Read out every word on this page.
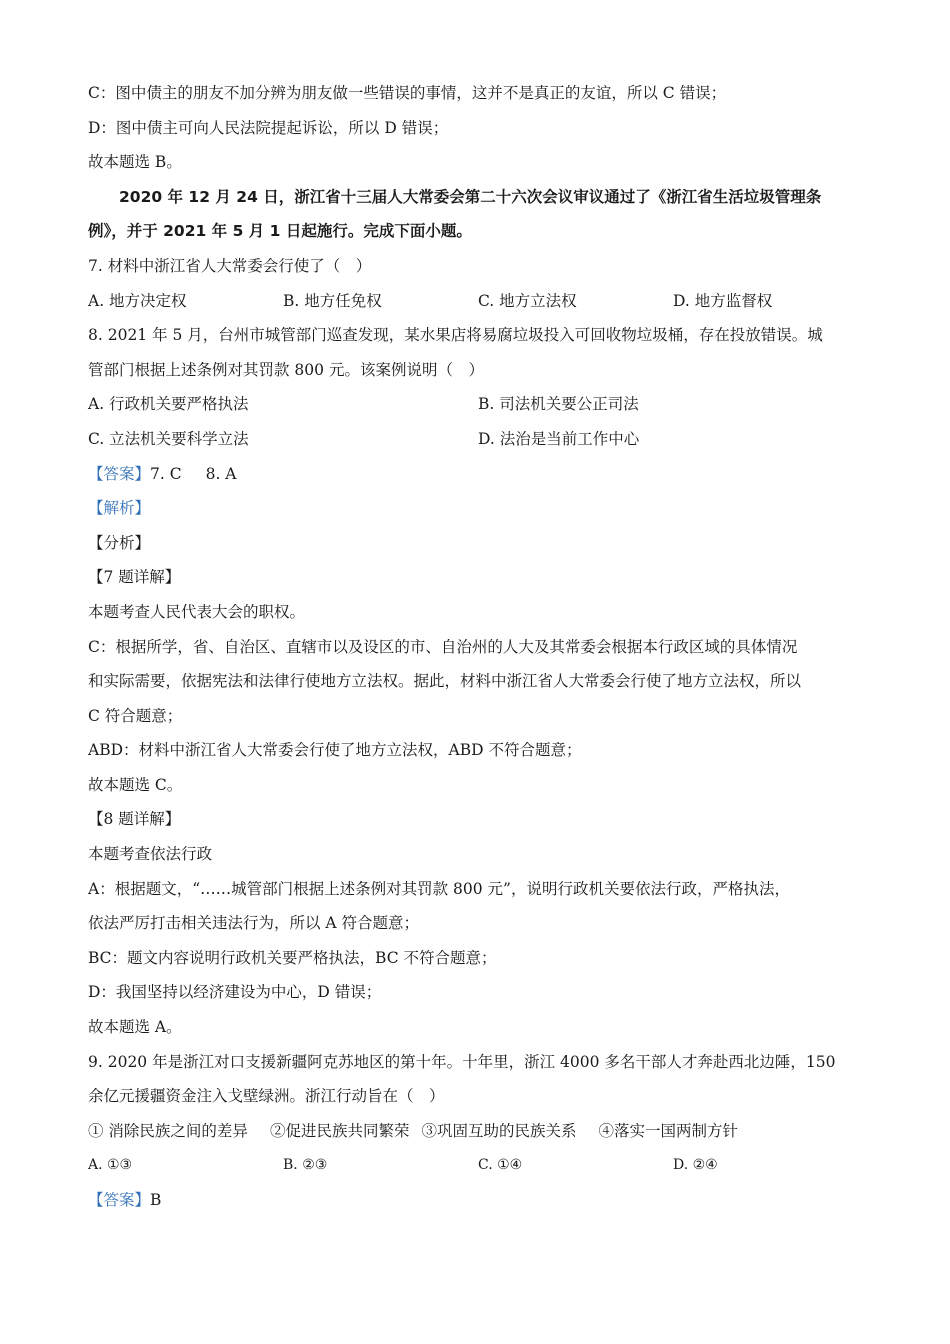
C：图中债主的朋友不加分辨为朋友做一些错误的事情，这并不是真正的友谊，所以 C 错误；
D：图中债主可向人民法院提起诉讼，所以 D 错误；
故本题选 B。
2020 年 12 月 24 日，浙江省十三届人大常委会第二十六次会议审议通过了《浙江省生活垃圾管理条
例》，并于 2021 年 5 月 1 日起施行。完成下面小题。
7. 材料中浙江省人大常委会行使了（　）
A. 地方决定权	B. 地方任免权	C. 地方立法权	D. 地方监督权
8. 2021 年 5 月，台州市城管部门巡查发现，某水果店将易腐垃圾投入可回收物垃圾桶，存在投放错误。城
管部门根据上述条例对其罚款 800 元。该案例说明（　）
A. 行政机关要严格执法	B. 司法机关要公正司法
C. 立法机关要科学立法	D. 法治是当前工作中心
【答案】7. C 8. A
【解析】
【分析】
【7 题详解】
本题考查人民代表大会的职权。
C：根据所学，省、自治区、直辖市以及设区的市、自治州的人大及其常委会根据本行政区域的具体情况
和实际需要，依据宪法和法律行使地方立法权。据此，材料中浙江省人大常委会行使了地方立法权，所以
C 符合题意；
ABD：材料中浙江省人大常委会行使了地方立法权，ABD 不符合题意；
故本题选 C。
【8 题详解】
本题考查依法行政
A：根据题文，“……城管部门根据上述条例对其罚款 800 元”，说明行政机关要依法行政，严格执法，
依法严厉打击相关违法行为，所以 A 符合题意；
BC：题文内容说明行政机关要严格执法，BC 不符合题意；
D：我国坚持以经济建设为中心，D 错误；
故本题选 A。
9. 2020 年是浙江对口支援新疆阿克苏地区的第十年。十年里，浙江 4000 多名干部人才奔赴西北边陲，150
余亿元援疆资金注入戈壁绿洲。浙江行动旨在（　）
① 消除民族之间的差异 ②促进民族共同繁荣 ③巩固互助的民族关系 ④落实一国两制方针
A. ①③	B. ②③	C. ①④	D. ②④
【答案】B
